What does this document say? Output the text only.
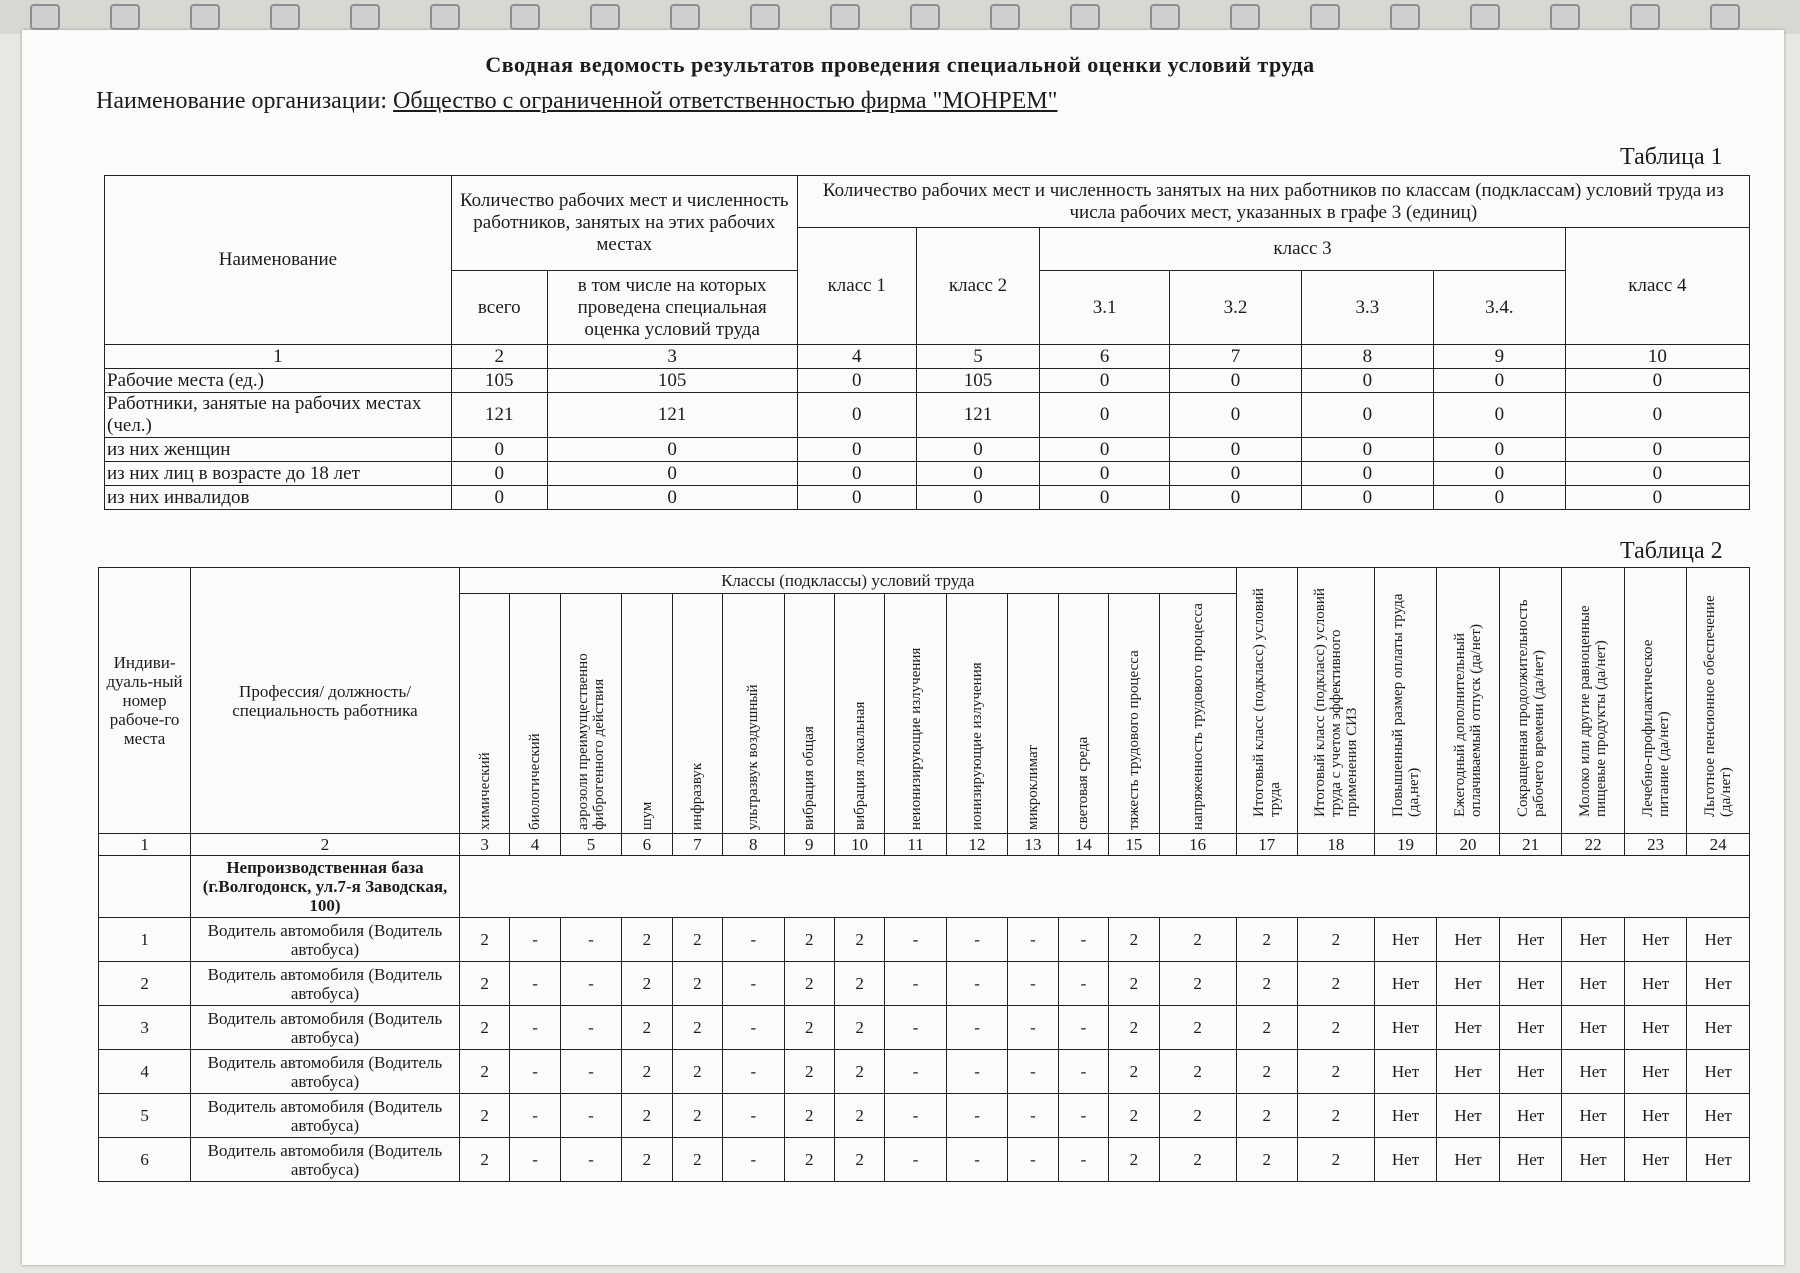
Сводная ведомость результатов проведения специальной оценки условий труда
Наименование организации: Общество с ограниченной ответственностью фирма "МОНРЕМ"
Таблица 1
Наименование	Количество рабочих мест и численность работников, занятых на этих рабочих местах		Количество рабочих мест и численность занятых на них работников по классам (подклассам) условий труда из числа рабочих мест, указанных в графе 3 (единиц)						
			класс 1	класс 2	класс 3				класс 4
	всего	в том числе на которых проведена специальная оценка условий труда			3.1	3.2	3.3	3.4.	
1	2	3	4	5	6	7	8	9	10
Рабочие места (ед.)	105	105	0	105	0	0	0	0	0
Работники, занятые на рабочих местах (чел.)	121	121	0	121	0	0	0	0	0
из них женщин	0	0	0	0	0	0	0	0	0
из них лиц в возрасте до 18 лет	0	0	0	0	0	0	0	0	0
из них инвалидов	0	0	0	0	0	0	0	0	0
Таблица 2
Индиви-дуаль-ный номер рабоче-го места	Профессия/ должность/ специальность работника	Классы (подклассы) условий труда														Итоговый класс (подкласс) условий труда	Итоговый класс (подкласс) условий труда с учетом эффективного применения СИЗ	Повышенный размер оплаты труда (да,нет)	Ежегодный дополнительный оплачиваемый отпуск (да/нет)	Сокращенная продолжительность рабочего времени (да/нет)	Молоко или другие равноценные пищевые продукты (да/нет)	Лечебно-профилактическое питание (да/нет)	Льготное пенсионное обеспечение (да/нет)

		химический	биологический	аэрозоли преимущественно фиброгенного действия	шум	инфразвук	ультразвук воздушный	вибрация общая	вибрация локальная	неионизирующие излучения	ионизирующие излучения	микроклимат	световая среда	тяжесть трудового процесса	напряженность трудового процесса								

1	2	3	4	5	6	7	8	9	10	11	12	13	14	15	16	17	18	19	20	21	22	23	24
	Непроизводственная база (г.Волгодонск, ул.7-я Заводская, 100)																						
1	Водитель автомобиля (Водитель автобуса)	2	-	-	2	2	-	2	2	-	-	-	-	2	2	2	2	Нет	Нет	Нет	Нет	Нет	Нет
2	Водитель автомобиля (Водитель автобуса)	2	-	-	2	2	-	2	2	-	-	-	-	2	2	2	2	Нет	Нет	Нет	Нет	Нет	Нет
3	Водитель автомобиля (Водитель автобуса)	2	-	-	2	2	-	2	2	-	-	-	-	2	2	2	2	Нет	Нет	Нет	Нет	Нет	Нет
4	Водитель автомобиля (Водитель автобуса)	2	-	-	2	2	-	2	2	-	-	-	-	2	2	2	2	Нет	Нет	Нет	Нет	Нет	Нет
5	Водитель автомобиля (Водитель автобуса)	2	-	-	2	2	-	2	2	-	-	-	-	2	2	2	2	Нет	Нет	Нет	Нет	Нет	Нет
6	Водитель автомобиля (Водитель автобуса)	2	-	-	2	2	-	2	2	-	-	-	-	2	2	2	2	Нет	Нет	Нет	Нет	Нет	Нет
